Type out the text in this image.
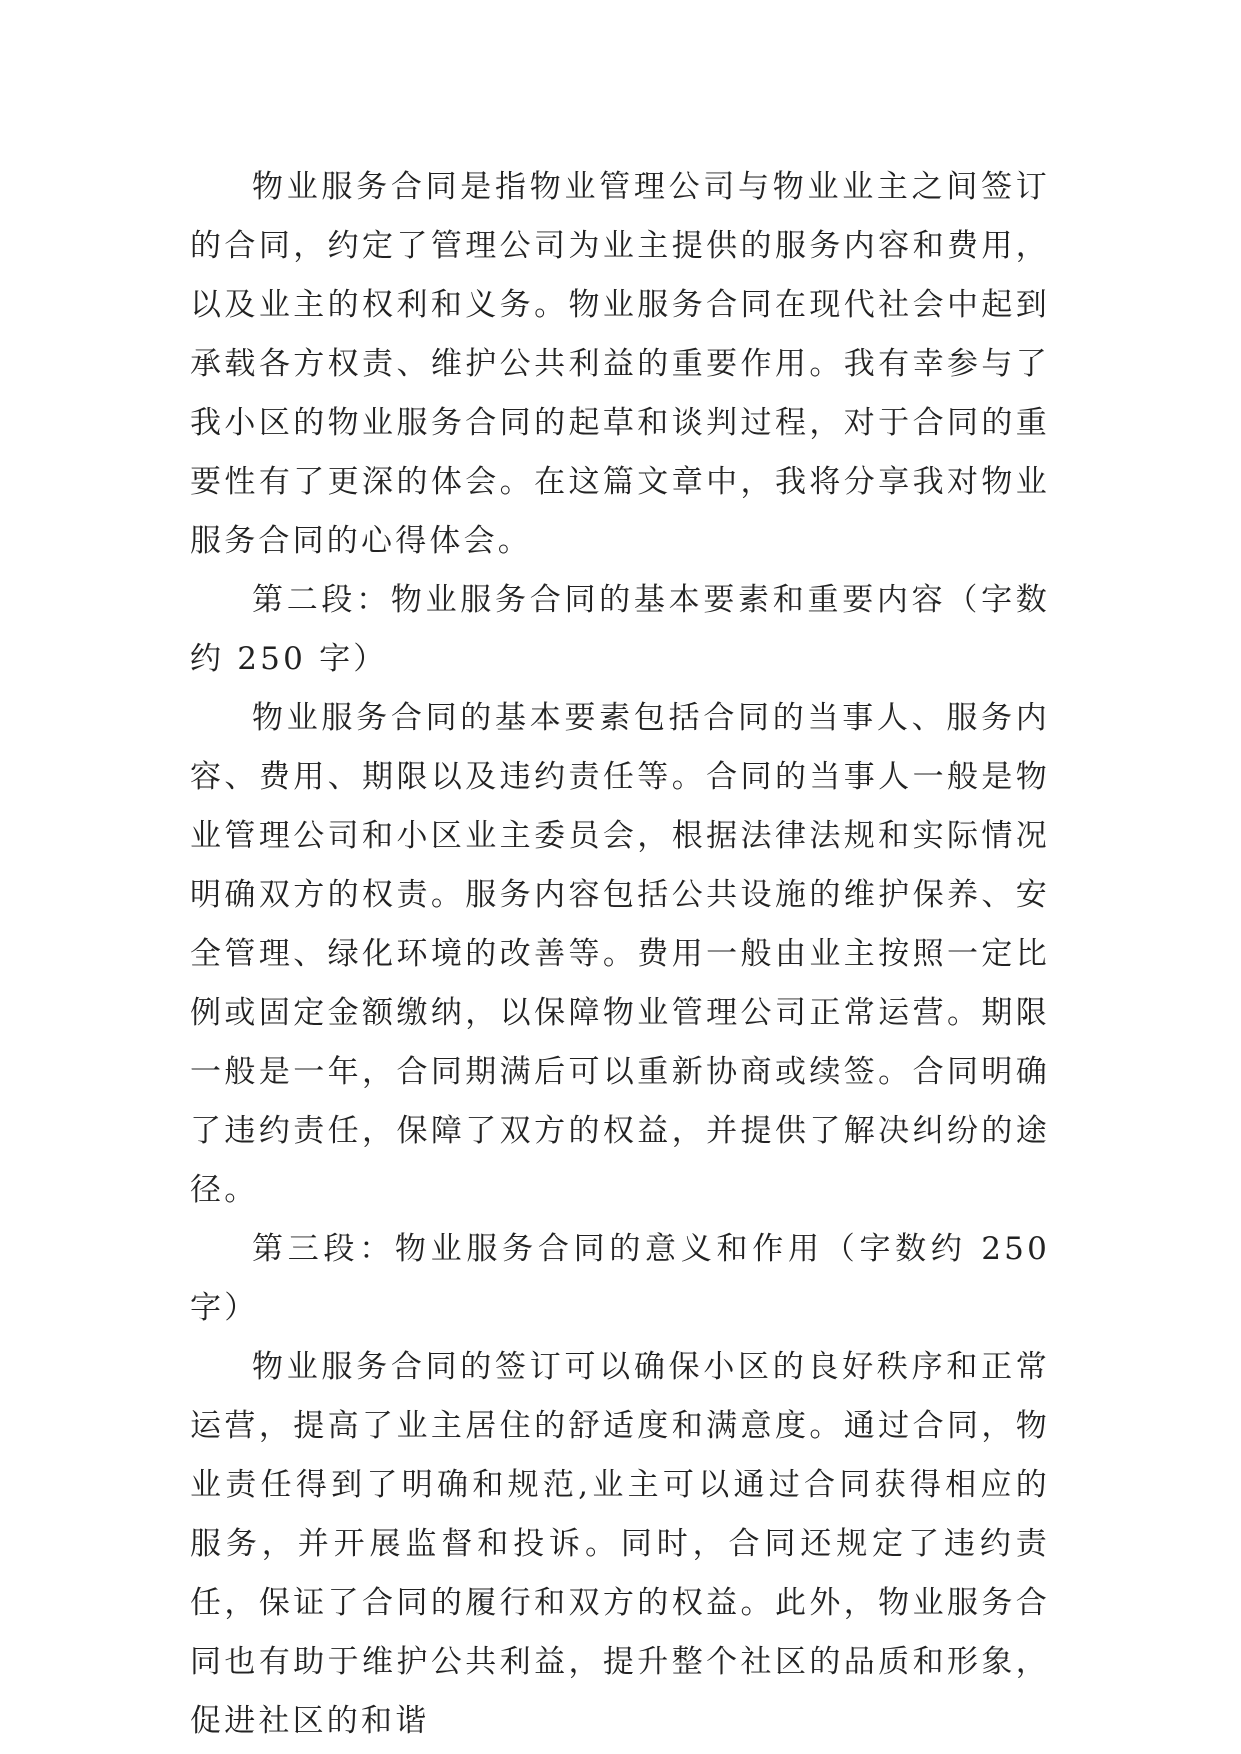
物业服务合同是指物业管理公司与物业业主之间签订的合同，约定了管理公司为业主提供的服务内容和费用，以及业主的权利和义务。物业服务合同在现代社会中起到承载各方权责、维护公共利益的重要作用。我有幸参与了我小区的物业服务合同的起草和谈判过程，对于合同的重要性有了更深的体会。在这篇文章中，我将分享我对物业服务合同的心得体会。

第二段：物业服务合同的基本要素和重要内容（字数约 250 字）

物业服务合同的基本要素包括合同的当事人、服务内容、费用、期限以及违约责任等。合同的当事人一般是物业管理公司和小区业主委员会，根据法律法规和实际情况明确双方的权责。服务内容包括公共设施的维护保养、安全管理、绿化环境的改善等。费用一般由业主按照一定比例或固定金额缴纳，以保障物业管理公司正常运营。期限一般是一年，合同期满后可以重新协商或续签。合同明确了违约责任，保障了双方的权益，并提供了解决纠纷的途径。

第三段：物业服务合同的意义和作用（字数约 250 字）

物业服务合同的签订可以确保小区的良好秩序和正常运营，提高了业主居住的舒适度和满意度。通过合同，物业责任得到了明确和规范,业主可以通过合同获得相应的服务，并开展监督和投诉。同时，合同还规定了违约责任，保证了合同的履行和双方的权益。此外，物业服务合同也有助于维护公共利益，提升整个社区的品质和形象，促进社区的和谐
